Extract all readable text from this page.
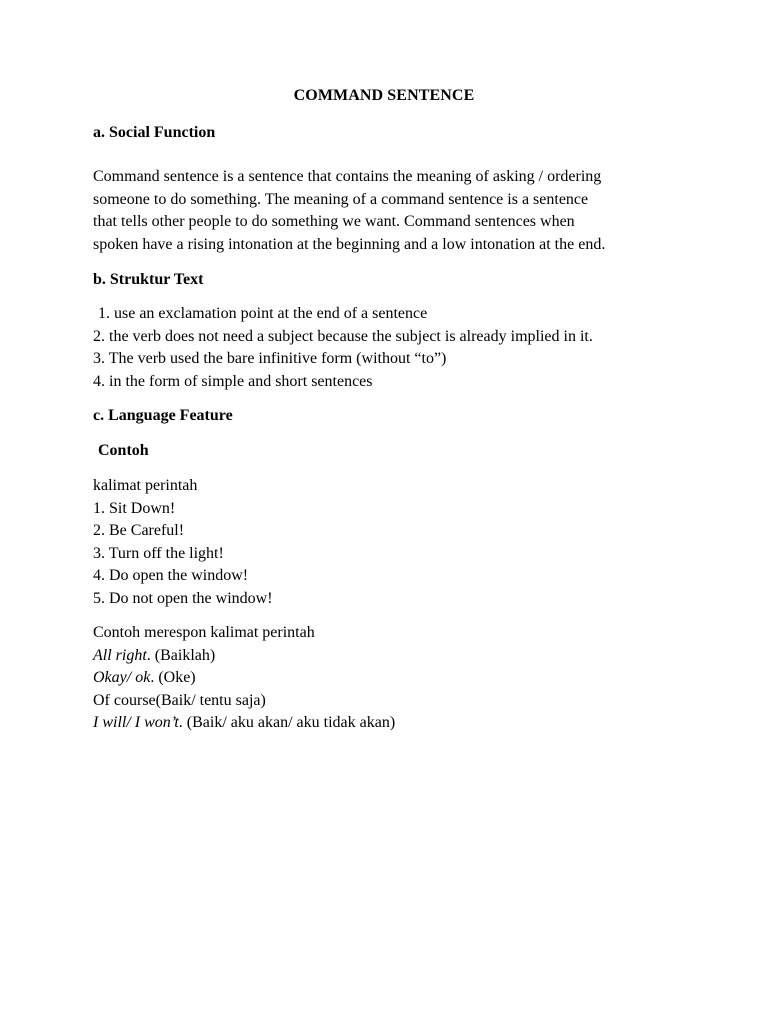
COMMAND SENTENCE
a. Social Function

Command sentence is a sentence that contains the meaning of asking / ordering

someone to do something. The meaning of a command sentence is a sentence

that tells other people to do something we want. Command sentences when

spoken have a rising intonation at the beginning and a low intonation at the end.

b. Struktur Text
1. use an exclamation point at the end of a sentence
2. the verb does not need a subject because the subject is already implied in it.
3. The verb used the bare infinitive form (without “to”)
4. in the form of simple and short sentences
c. Language Feature
Contoh
kalimat perintah
1. Sit Down!
2. Be Careful!
3. Turn off the light!
4. Do open the window!
5. Do not open the window!
Contoh merespon kalimat perintah
All right. (Baiklah)
Okay/ ok. (Oke)
Of course(Baik/ tentu saja)
I will/ I won’t. (Baik/ aku akan/ aku tidak akan)
